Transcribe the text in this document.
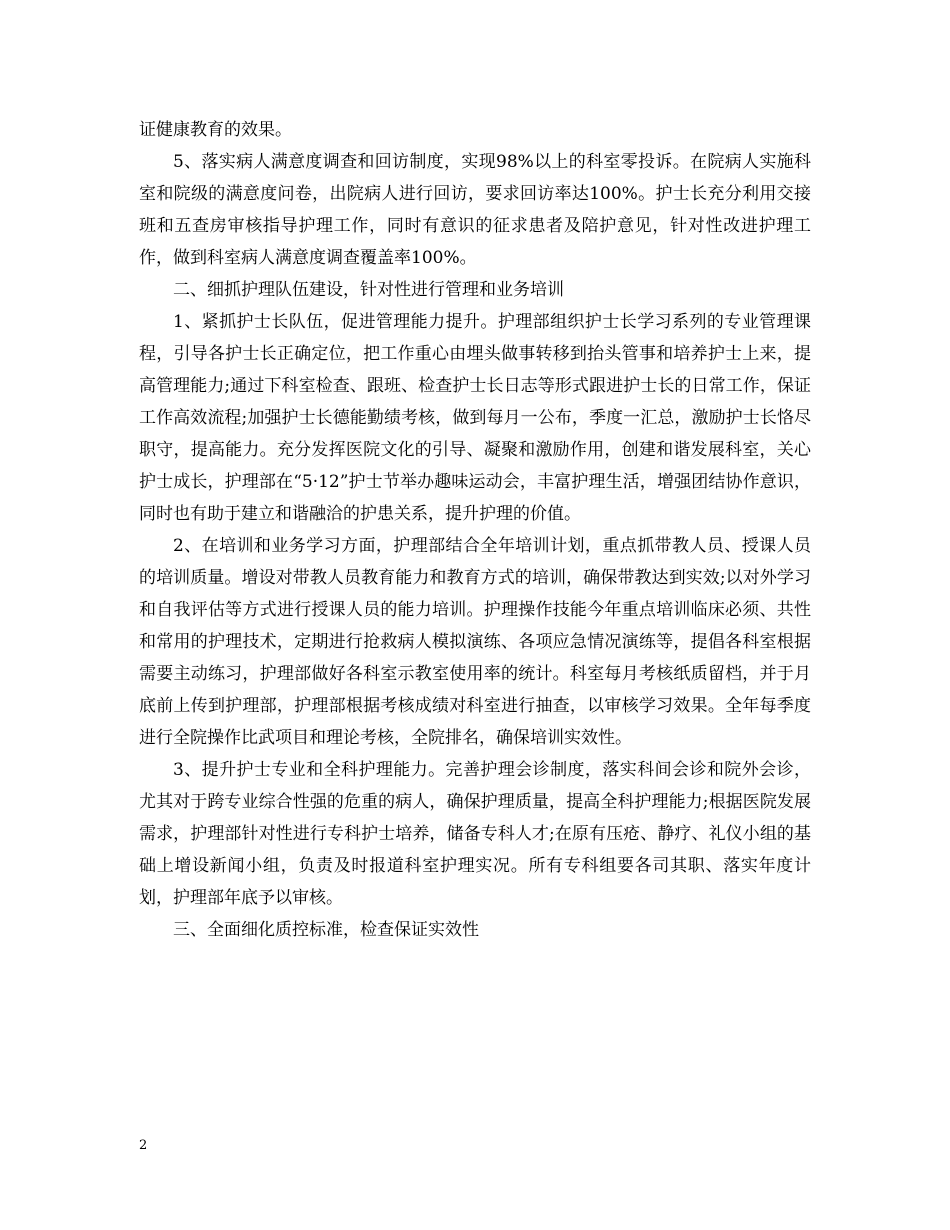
证健康教育的效果。

5、落实病人满意度调查和回访制度，实现98%以上的科室零投诉。在院病人实施科室和院级的满意度问卷，出院病人进行回访，要求回访率达100%。护士长充分利用交接班和五查房审核指导护理工作，同时有意识的征求患者及陪护意见，针对性改进护理工作，做到科室病人满意度调查覆盖率100%。

二、细抓护理队伍建设，针对性进行管理和业务培训

1、紧抓护士长队伍，促进管理能力提升。护理部组织护士长学习系列的专业管理课程，引导各护士长正确定位，把工作重心由埋头做事转移到抬头管事和培养护士上来，提高管理能力;通过下科室检查、跟班、检查护士长日志等形式跟进护士长的日常工作，保证工作高效流程;加强护士长德能勤绩考核，做到每月一公布，季度一汇总，激励护士长恪尽职守，提高能力。充分发挥医院文化的引导、凝聚和激励作用，创建和谐发展科室，关心护士成长，护理部在“5·12”护士节举办趣味运动会，丰富护理生活，增强团结协作意识，同时也有助于建立和谐融洽的护患关系，提升护理的价值。

2、在培训和业务学习方面，护理部结合全年培训计划，重点抓带教人员、授课人员的培训质量。增设对带教人员教育能力和教育方式的培训，确保带教达到实效;以对外学习和自我评估等方式进行授课人员的能力培训。护理操作技能今年重点培训临床必须、共性和常用的护理技术，定期进行抢救病人模拟演练、各项应急情况演练等，提倡各科室根据需要主动练习，护理部做好各科室示教室使用率的统计。科室每月考核纸质留档，并于月底前上传到护理部，护理部根据考核成绩对科室进行抽查，以审核学习效果。全年每季度进行全院操作比武项目和理论考核，全院排名，确保培训实效性。

3、提升护士专业和全科护理能力。完善护理会诊制度，落实科间会诊和院外会诊，尤其对于跨专业综合性强的危重的病人，确保护理质量，提高全科护理能力;根据医院发展需求，护理部针对性进行专科护士培养，储备专科人才;在原有压疮、静疗、礼仪小组的基础上增设新闻小组，负责及时报道科室护理实况。所有专科组要各司其职、落实年度计划，护理部年底予以审核。

三、全面细化质控标准，检查保证实效性

2
